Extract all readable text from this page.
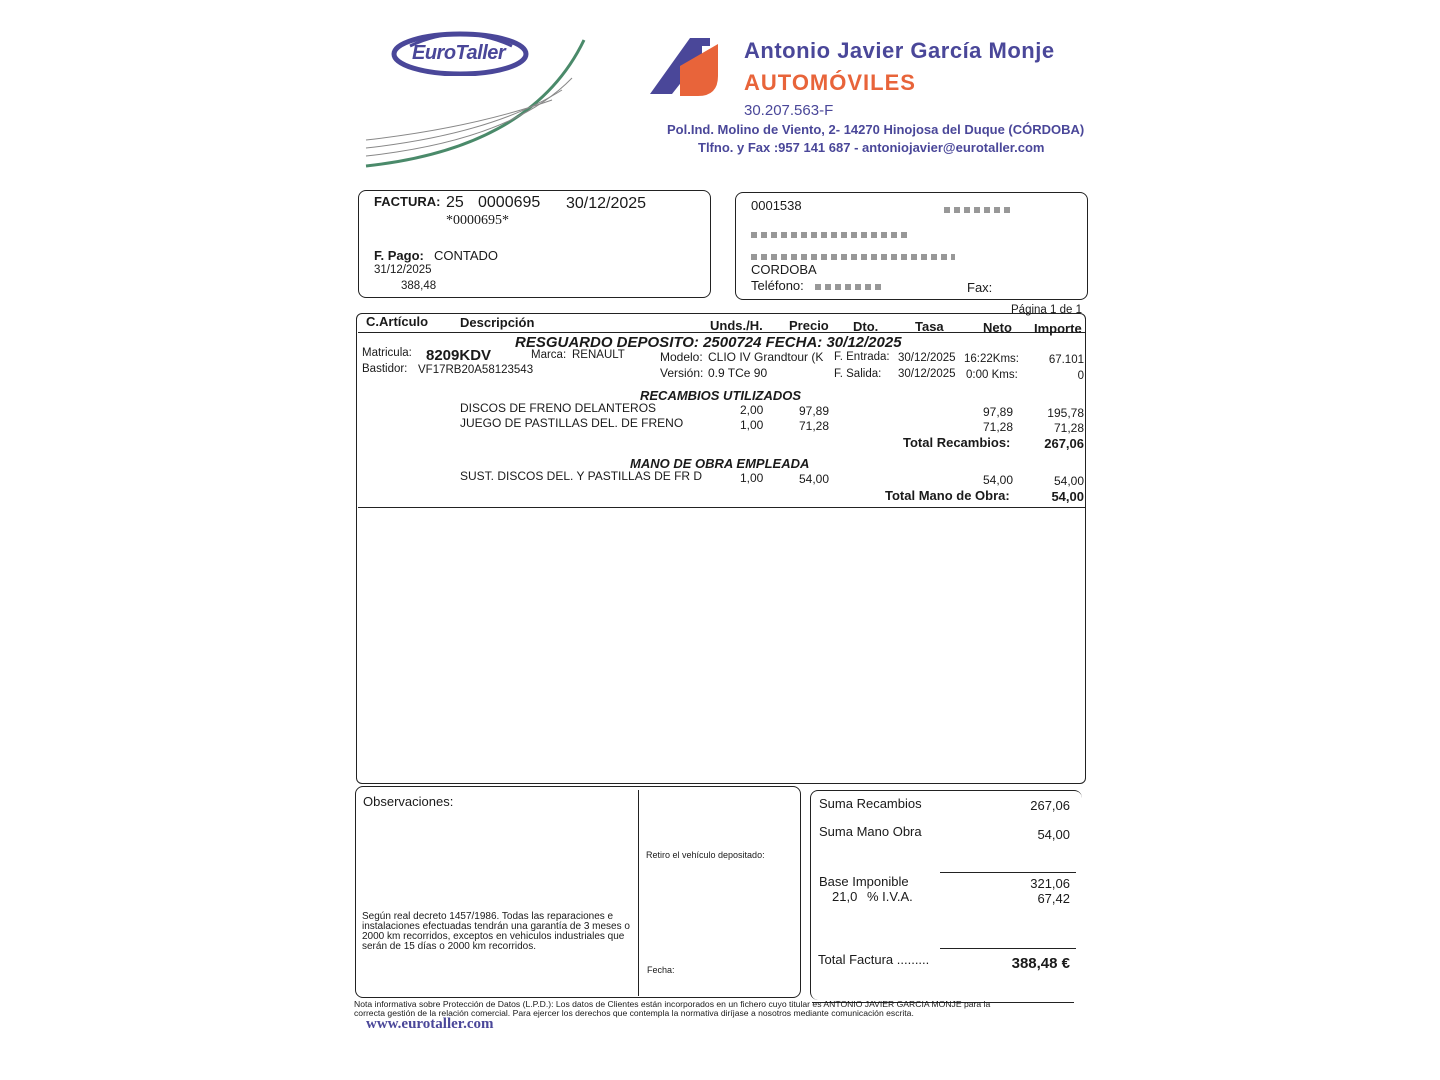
EuroTaller	Antonio Javier García Monje
AUTOMÓVILES
30.207.563-F
Pol.Ind. Molino de Viento, 2- 14270 Hinojosa del Duque (CÓRDOBA)
Tlfno. y Fax :957 141 687 - antoniojavier@eurotaller.com
FACTURA: 25 0000695 30/12/2025
*0000695*
F. Pago: CONTADO
31/12/2025
388,48
0001538
CORDOBA
Teléfono:	Fax:
Página 1 de 1
C.Artículo Descripción	Unds./H. Precio Dto.	Tasa	Neto Importe
RESGUARDO DEPOSITO: 2500724 FECHA: 30/12/2025
Matricula: 8209KDV	Marca: RENAULT	Modelo: CLIO IV Grandtour (K F. Entrada: 30/12/2025 16:22Kms:	67.101
Bastidor: VF17RB20A58123543	Versión: 0.9 TCe 90	F. Salida: 30/12/2025 0:00 Kms:	0
RECAMBIOS UTILIZADOS
DISCOS DE FRENO DELANTEROS	2,00	97,89	97,89	195,78
JUEGO DE PASTILLAS DEL. DE FRENO	1,00	71,28	71,28	71,28
Total Recambios:	267,06
MANO DE OBRA EMPLEADA
SUST. DISCOS DEL. Y PASTILLAS DE FR D	1,00	54,00	54,00	54,00
Total Mano de Obra:	54,00
Observaciones:
Según real decreto 1457/1986. Todas las reparaciones e instalaciones efectuadas tendrán una garantía de 3 meses o 2000 km recorridos, exceptos en vehiculos industriales que serán de 15 días o 2000 km recorridos.
Retiro el vehículo depositado:
Fecha:
Suma Recambios	267,06
Suma Mano Obra	54,00
Base Imponible	321,06
21,0 % I.V.A.	67,42
Total Factura .........	388,48 €
Nota informativa sobre Protección de Datos (L.P.D.): Los datos de Clientes están incorporados en un fichero cuyo titular es ANTONIO JAVIER GARCIA MONJE para la correcta gestión de la relación comercial. Para ejercer los derechos que contempla la normativa diríjase a nosotros mediante comunicación escrita.
www.eurotaller.com
